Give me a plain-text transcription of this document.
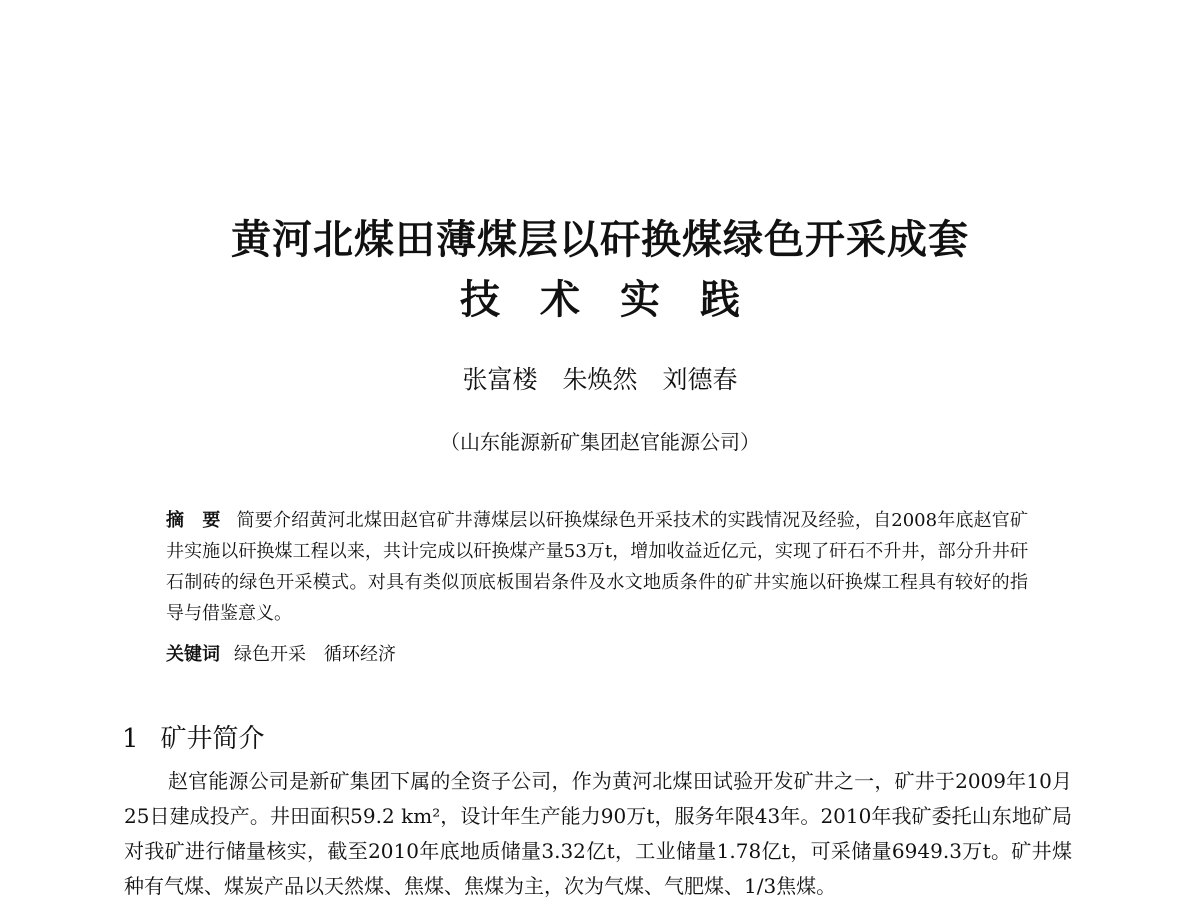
黄河北煤田薄煤层以矸换煤绿色开采成套
技术实践
张富楼　朱焕然　刘德春
（山东能源新矿集团赵官能源公司）
摘　要 简要介绍黄河北煤田赵官矿井薄煤层以矸换煤绿色开采技术的实践情况及经验，自2008年底赵官矿井实施以矸换煤工程以来，共计完成以矸换煤产量53万t，增加收益近亿元，实现了矸石不升井，部分升井矸石制砖的绿色开采模式。对具有类似顶底板围岩条件及水文地质条件的矿井实施以矸换煤工程具有较好的指导与借鉴意义。
关键词 绿色开采　循环经济
1 矿井简介
赵官能源公司是新矿集团下属的全资子公司，作为黄河北煤田试验开发矿井之一，矿井于2009年10月25日建成投产。井田面积59.2 km²，设计年生产能力90万t，服务年限43年。2010年我矿委托山东地矿局对我矿进行储量核实，截至2010年底地质储量3.32亿t，工业储量1.78亿t，可采储量6949.3万t。矿井煤种有气煤、煤炭产品以天然煤、焦煤、焦煤为主，次为气煤、气肥煤、1/3焦煤。
